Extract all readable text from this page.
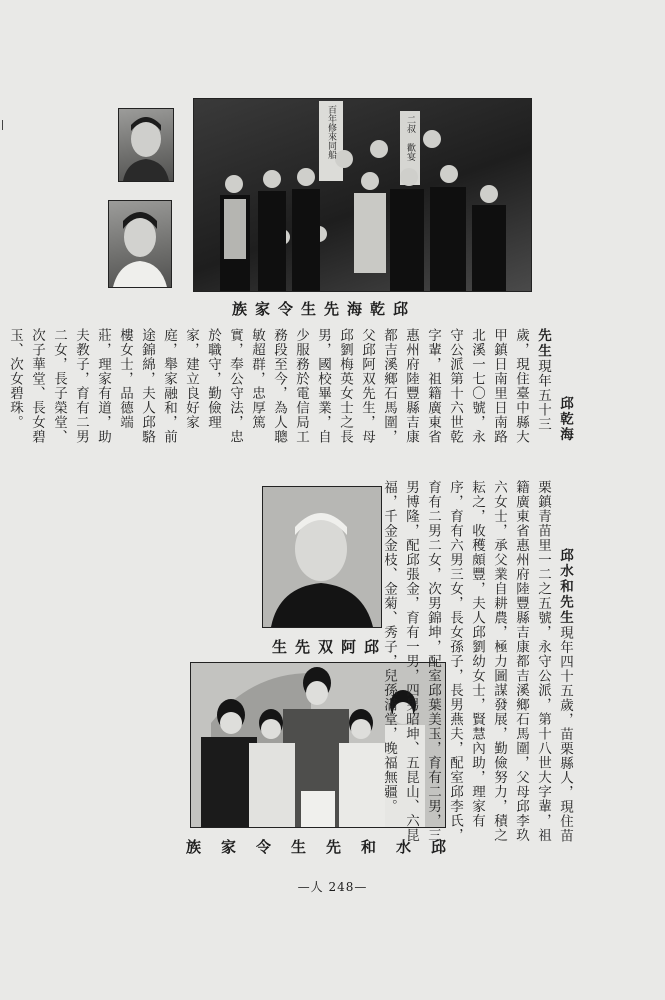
百年修來同船	二叔 歡宴
邱乾海先生令家族

邱乾海先生現年五十三歲，現住臺中縣大甲鎮日南里日南路北溪一七〇號，永守公派第十六世乾字輩，祖籍廣東省惠州府陸豐縣吉康都吉溪鄉石馬圍，父邱阿双先生，母邱劉梅英女士之長男，國校畢業，自少服務於電信局工務段至今，為人聰敏超群，忠厚篤實，奉公守法，忠於職守，勤儉理家，建立良好家庭，舉家融和，前途錦綿，夫人邱駱樓女士，品德端莊，理家有道，助夫教子，育有二男二女，長子榮堂、次子華堂、長女碧玉、次女碧珠。

邱阿双先生
邱水和先生令家族

邱水和先生現年四十五歲，苗栗縣人，現住苗栗鎮青苗里一二之五號，永守公派，第十八世大字輩，祖籍廣東省惠州府陸豐縣吉康都吉溪鄉石馬圍，父母邱李玖六女士，承父業自耕農，極力圖謀發展，勤儉努力，積之耘之，收穫頗豐，夫人邱劉幼女士，賢慧內助，理家有序，育有六男三女，長女孫子，長男燕夫，配室邱李氏，育有二男二女，次男錦坤，配室邱葉美玉，育有二男，三男博隆，配邱張金，育有一男，四男昭坤、五昆山、六昆福，千金金枝、金菊、秀子，兒孫滿堂，晚福無疆。

—人 248—
